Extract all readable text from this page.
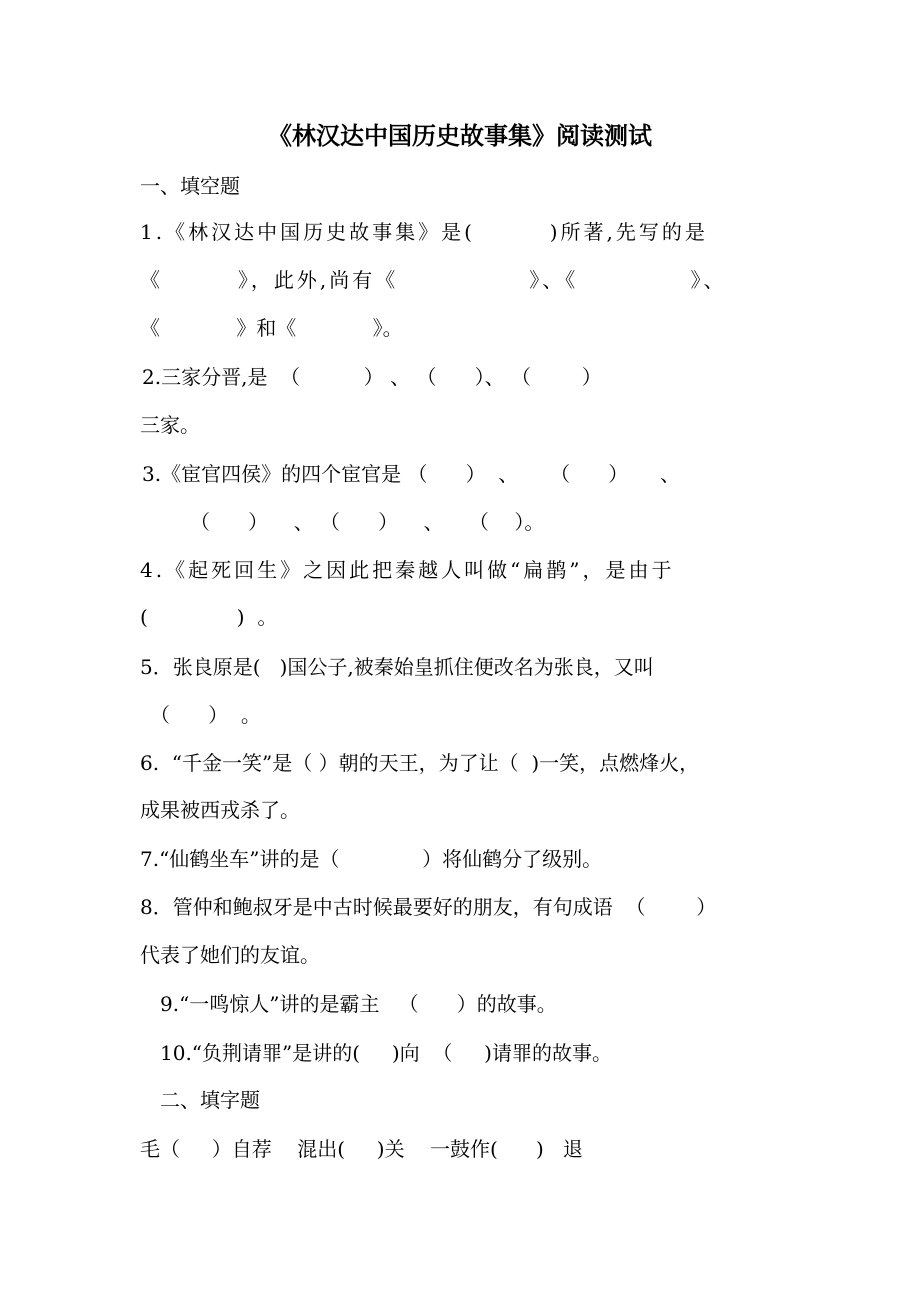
《林汉达中国历史故事集》阅读测试
一、填空题
1.《林汉达中国历史故事集》是(        )所著,先写的是
《        》，此外,尚有《              》、《            》、
《            》和《            》。
2.三家分晋,是  （          ） 、 （      ）、 （        ）
三家。
3.《宦官四侯》的四个宦官是 （      ）  、     （      ）     、
（      ）    、 （      ）    、    （    ）。
4.《起死回生》之因此把秦越人叫做“扁鹊”，是由于
(              )  。
5．张良原是(   )国公子,被秦始皇抓住便改名为张良，又叫
（      ）  。
6.  “千金一笑”是（ ）朝的天王，为了让（  )一笑，点燃烽火，
成果被西戎杀了。
7.“仙鹤坐车”讲的是（             ）将仙鹤分了级别。
8．管仲和鲍叔牙是中古时候最要好的朋友，有句成语  （        ）
代表了她们的友谊。
9.“一鸣惊人”讲的是霸主   （      ）的故事。
10.“负荆请罪”是讲的(     )向  （     )请罪的故事。
二、填字题
毛（     ）自荐    混出(     )关    一鼓作(      )   退
